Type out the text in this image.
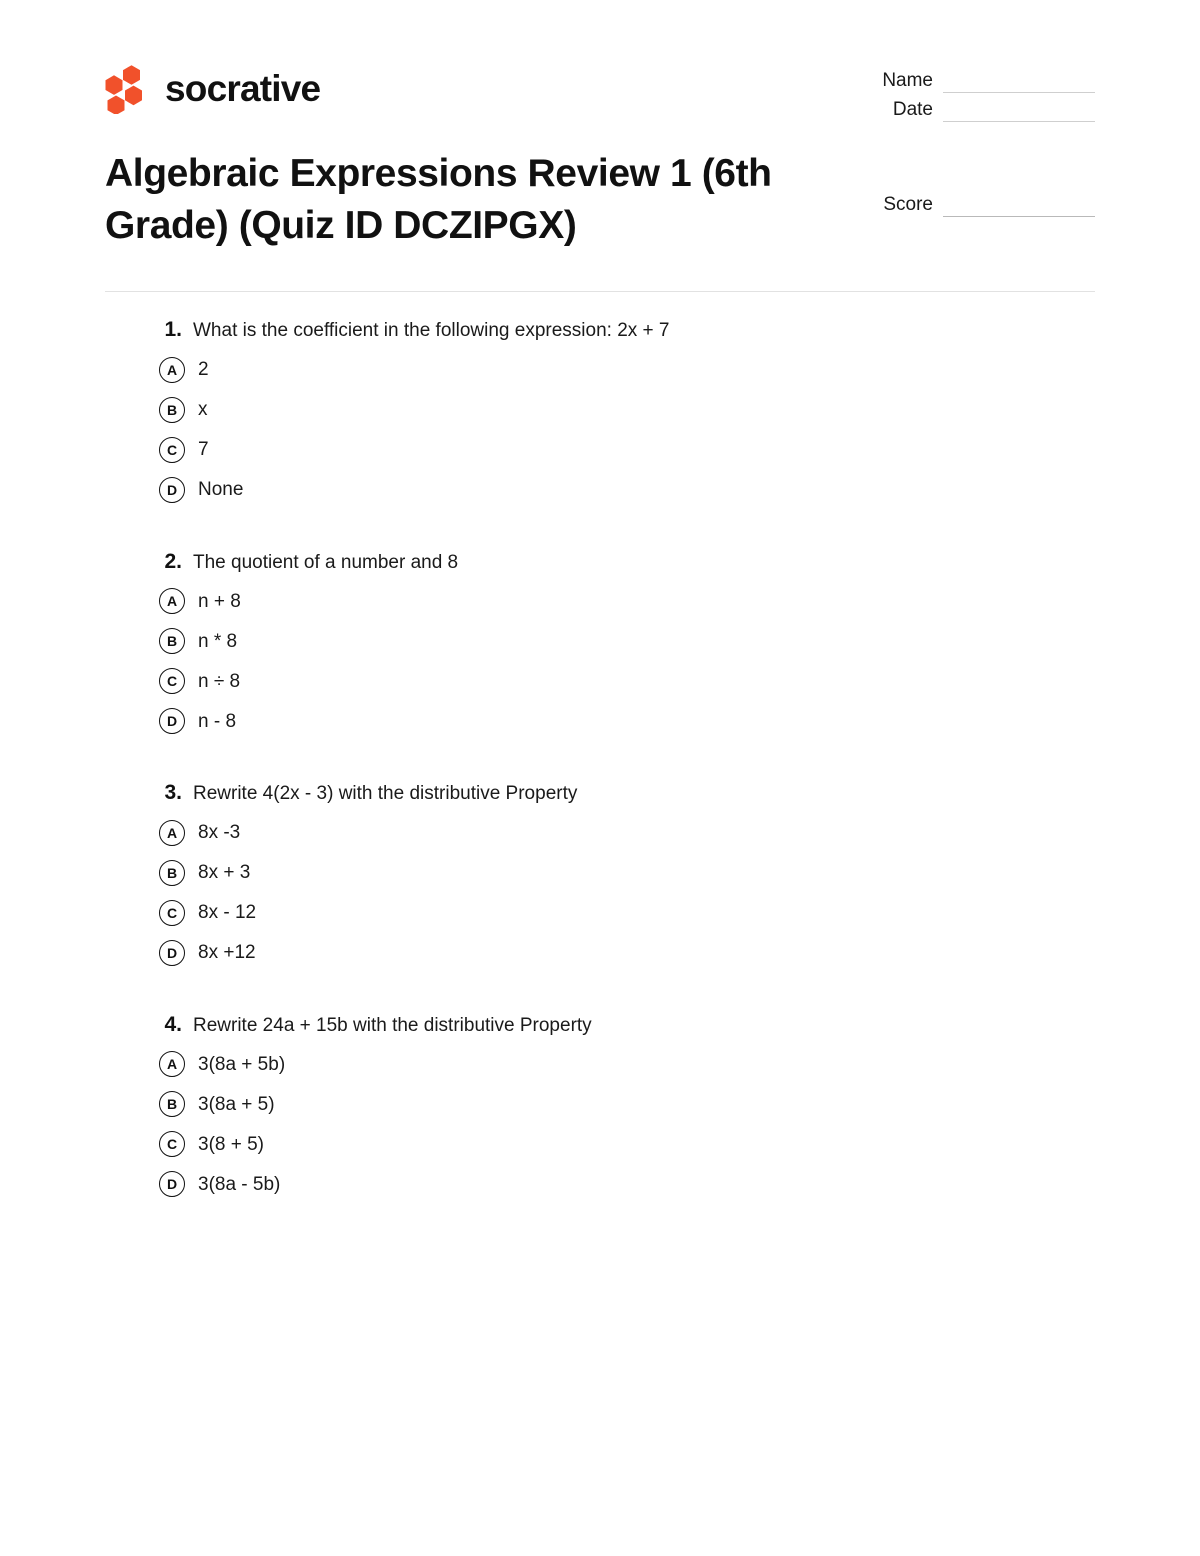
socrative
Algebraic Expressions Review 1 (6th Grade) (Quiz ID DCZIPGX)
Name
Date
Score
1. What is the coefficient in the following expression: 2x + 7
A	2
B	x
C	7
D	None
2. The quotient of a number and 8
A	n + 8
B	n * 8
C	n ÷ 8
D	n - 8
3. Rewrite 4(2x - 3) with the distributive Property
A	8x -3
B	8x + 3
C	8x - 12
D	8x +12
4. Rewrite 24a + 15b with the distributive Property
A	3(8a + 5b)
B	3(8a + 5)
C	3(8 + 5)
D	3(8a - 5b)
